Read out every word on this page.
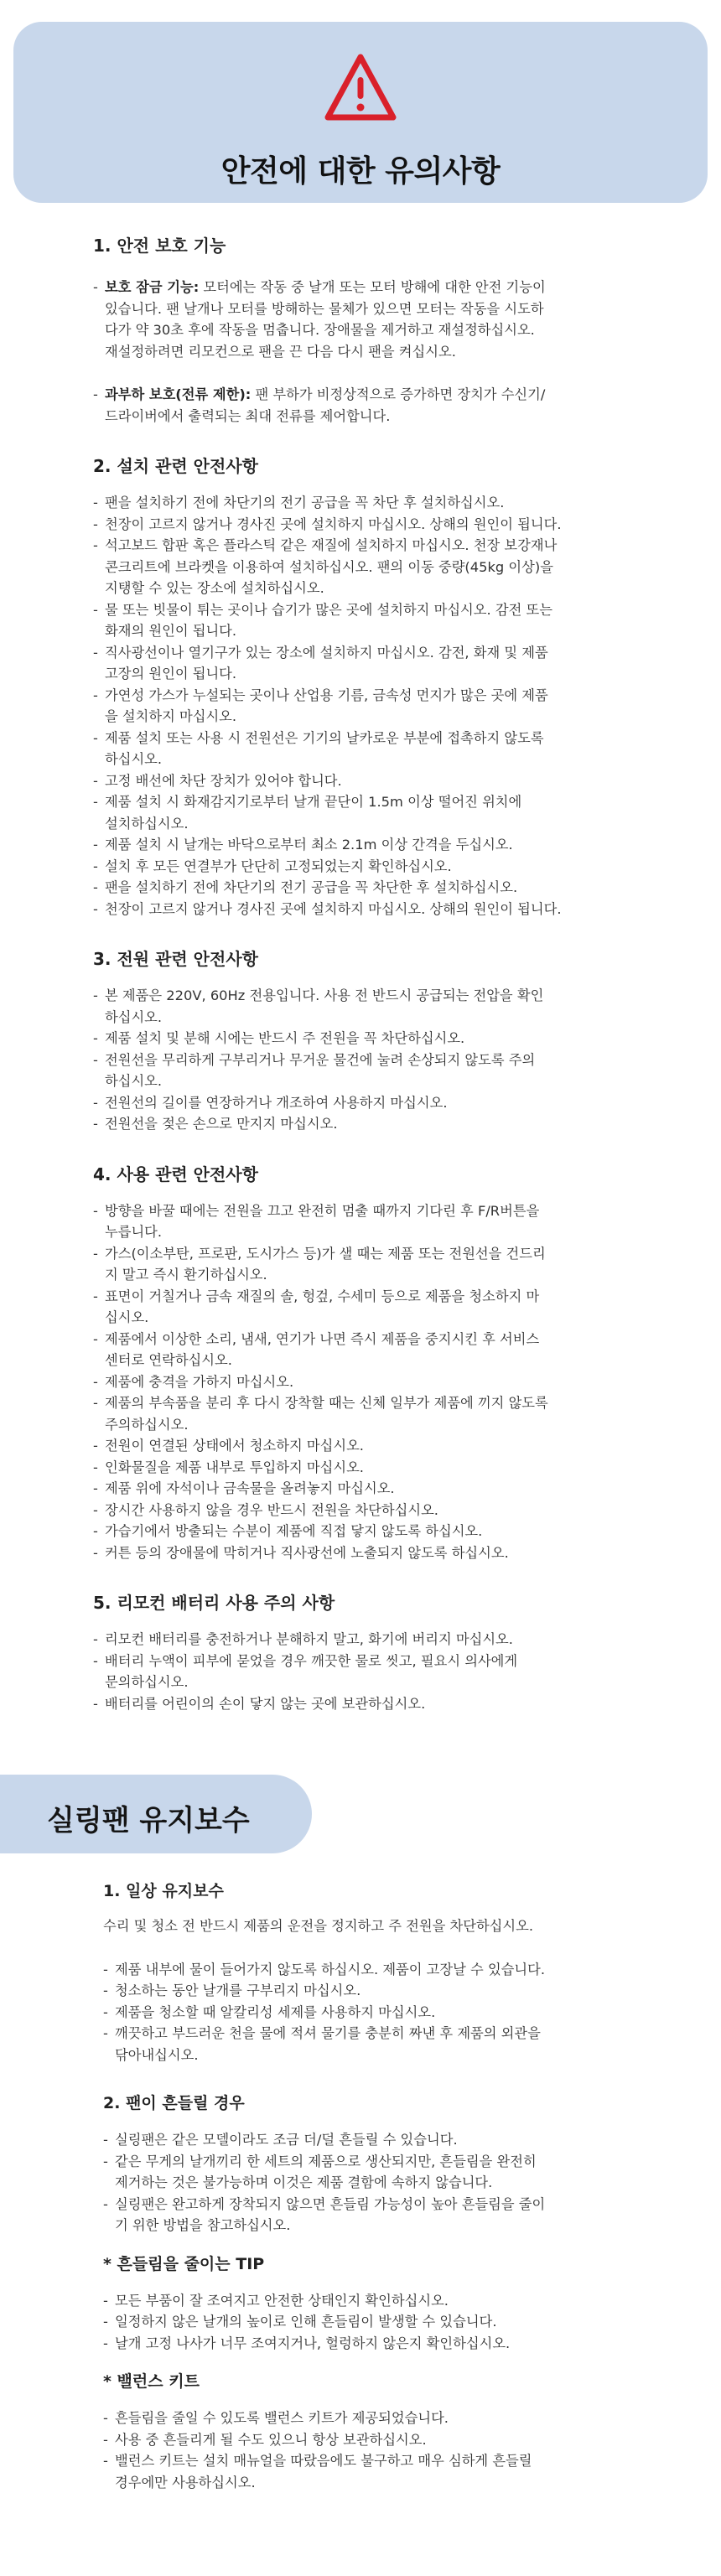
안전에 대한 유의사항
1. 안전 보호 기능
- 보호 잠금 기능: 모터에는 작동 중 날개 또는 모터 방해에 대한 안전 기능이
있습니다. 팬 날개나 모터를 방해하는 물체가 있으면 모터는 작동을 시도하
다가 약 30초 후에 작동을 멈춥니다. 장애물을 제거하고 재설정하십시오.
재설정하려면 리모컨으로 팬을 끈 다음 다시 팬을 켜십시오.
- 과부하 보호(전류 제한): 팬 부하가 비정상적으로 증가하면 장치가 수신기/
드라이버에서 출력되는 최대 전류를 제어합니다.
2. 설치 관련 안전사항
- 팬을 설치하기 전에 차단기의 전기 공급을 꼭 차단 후 설치하십시오.
- 천장이 고르지 않거나 경사진 곳에 설치하지 마십시오. 상해의 원인이 됩니다.
- 석고보드 합판 혹은 플라스틱 같은 재질에 설치하지 마십시오. 천장 보강재나
콘크리트에 브라켓을 이용하여 설치하십시오. 팬의 이동 중량(45kg 이상)을
지탱할 수 있는 장소에 설치하십시오.
- 물 또는 빗물이 튀는 곳이나 습기가 많은 곳에 설치하지 마십시오. 감전 또는
화재의 원인이 됩니다.
- 직사광선이나 열기구가 있는 장소에 설치하지 마십시오. 감전, 화재 및 제품
고장의 원인이 됩니다.
- 가연성 가스가 누설되는 곳이나 산업용 기름, 금속성 먼지가 많은 곳에 제품
을 설치하지 마십시오.
- 제품 설치 또는 사용 시 전원선은 기기의 날카로운 부분에 접촉하지 않도록
하십시오.
- 고정 배선에 차단 장치가 있어야 합니다.
- 제품 설치 시 화재감지기로부터 날개 끝단이 1.5m 이상 떨어진 위치에
설치하십시오.
- 제품 설치 시 날개는 바닥으로부터 최소 2.1m 이상 간격을 두십시오.
- 설치 후 모든 연결부가 단단히 고정되었는지 확인하십시오.
- 팬을 설치하기 전에 차단기의 전기 공급을 꼭 차단한 후 설치하십시오.
- 천장이 고르지 않거나 경사진 곳에 설치하지 마십시오. 상해의 원인이 됩니다.
3. 전원 관련 안전사항
- 본 제품은 220V, 60Hz 전용입니다. 사용 전 반드시 공급되는 전압을 확인
하십시오.
- 제품 설치 및 분해 시에는 반드시 주 전원을 꼭 차단하십시오.
- 전원선을 무리하게 구부리거나 무거운 물건에 눌려 손상되지 않도록 주의
하십시오.
- 전원선의 길이를 연장하거나 개조하여 사용하지 마십시오.
- 전원선을 젖은 손으로 만지지 마십시오.
4. 사용 관련 안전사항
- 방향을 바꿀 때에는 전원을 끄고 완전히 멈출 때까지 기다린 후 F/R버튼을
누릅니다.
- 가스(이소부탄, 프로판, 도시가스 등)가 샐 때는 제품 또는 전원선을 건드리
지 말고 즉시 환기하십시오.
- 표면이 거칠거나 금속 재질의 솔, 헝겊, 수세미 등으로 제품을 청소하지 마
십시오.
- 제품에서 이상한 소리, 냄새, 연기가 나면 즉시 제품을 중지시킨 후 서비스
센터로 연락하십시오.
- 제품에 충격을 가하지 마십시오.
- 제품의 부속품을 분리 후 다시 장착할 때는 신체 일부가 제품에 끼지 않도록
주의하십시오.
- 전원이 연결된 상태에서 청소하지 마십시오.
- 인화물질을 제품 내부로 투입하지 마십시오.
- 제품 위에 자석이나 금속물을 올려놓지 마십시오.
- 장시간 사용하지 않을 경우 반드시 전원을 차단하십시오.
- 가습기에서 방출되는 수분이 제품에 직접 닿지 않도록 하십시오.
- 커튼 등의 장애물에 막히거나 직사광선에 노출되지 않도록 하십시오.
5. 리모컨 배터리 사용 주의 사항
- 리모컨 배터리를 충전하거나 분해하지 말고, 화기에 버리지 마십시오.
- 배터리 누액이 피부에 묻었을 경우 깨끗한 물로 씻고, 필요시 의사에게
문의하십시오.
- 배터리를 어린이의 손이 닿지 않는 곳에 보관하십시오.
실링팬 유지보수
1. 일상 유지보수

수리 및 청소 전 반드시 제품의 운전을 정지하고 주 전원을 차단하십시오.

- 제품 내부에 물이 들어가지 않도록 하십시오. 제품이 고장날 수 있습니다.
- 청소하는 동안 날개를 구부리지 마십시오.
- 제품을 청소할 때 알칼리성 세제를 사용하지 마십시오.
- 깨끗하고 부드러운 천을 물에 적셔 물기를 충분히 짜낸 후 제품의 외관을
닦아내십시오.
2. 팬이 흔들릴 경우
- 실링팬은 같은 모델이라도 조금 더/덜 흔들릴 수 있습니다.
- 같은 무게의 날개끼리 한 세트의 제품으로 생산되지만, 흔들림을 완전히
제거하는 것은 불가능하며 이것은 제품 결함에 속하지 않습니다.
- 실링팬은 완고하게 장착되지 않으면 흔들림 가능성이 높아 흔들림을 줄이
기 위한 방법을 참고하십시오.
* 흔들림을 줄이는 TIP
- 모든 부품이 잘 조여지고 안전한 상태인지 확인하십시오.
- 일정하지 않은 날개의 높이로 인해 흔들림이 발생할 수 있습니다.
- 날개 고정 나사가 너무 조여지거나, 헐렁하지 않은지 확인하십시오.
* 밸런스 키트
- 흔들림을 줄일 수 있도록 밸런스 키트가 제공되었습니다.
- 사용 중 흔들리게 될 수도 있으니 항상 보관하십시오.
- 밸런스 키트는 설치 매뉴얼을 따랐음에도 불구하고 매우 심하게 흔들릴
경우에만 사용하십시오.
